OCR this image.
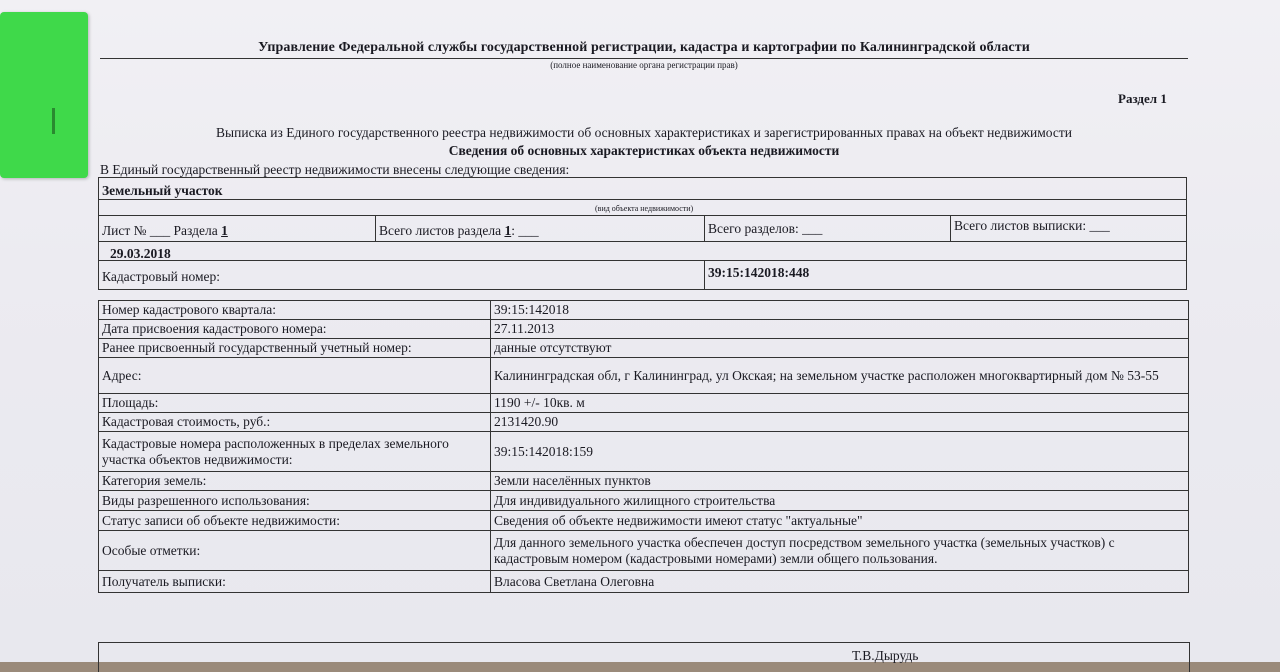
Управление Федеральной службы государственной регистрации, кадастра и картографии по Калининградской области
(полное наименование органа регистрации прав)
Раздел 1
Выписка из Единого государственного реестра недвижимости об основных характеристиках и зарегистрированных правах на объект недвижимости
Сведения об основных характеристиках объекта недвижимости
В Единый государственный реестр недвижимости внесены следующие сведения:
Земельный участок
(вид объекта недвижимости)
Лист № ___ Раздела 1	Всего листов раздела 1: ___	Всего разделов: ___	Всего листов выписки: ___
29.03.2018
Кадастровый номер:	39:15:142018:448
Номер кадастрового квартала:	39:15:142018
Дата присвоения кадастрового номера:	27.11.2013
Ранее присвоенный государственный учетный номер:	данные отсутствуют
Адрес:	Калининградская обл, г Калининград, ул Окская; на земельном участке расположен многоквартирный дом № 53-55
Площадь:	1190 +/- 10кв. м
Кадастровая стоимость, руб.:	2131420.90
Кадастровые номера расположенных в пределах земельного участка объектов недвижимости:	39:15:142018:159
Категория земель:	Земли населённых пунктов
Виды разрешенного использования:	Для индивидуального жилищного строительства
Статус записи об объекте недвижимости:	Сведения об объекте недвижимости имеют статус "актуальные"
Особые отметки:	Для данного земельного участка обеспечен доступ посредством земельного участка (земельных участков) с кадастровым номером (кадастровыми номерами) земли общего пользования.
Получатель выписки:	Власова Светлана Олеговна
Т.В.Дырудь
